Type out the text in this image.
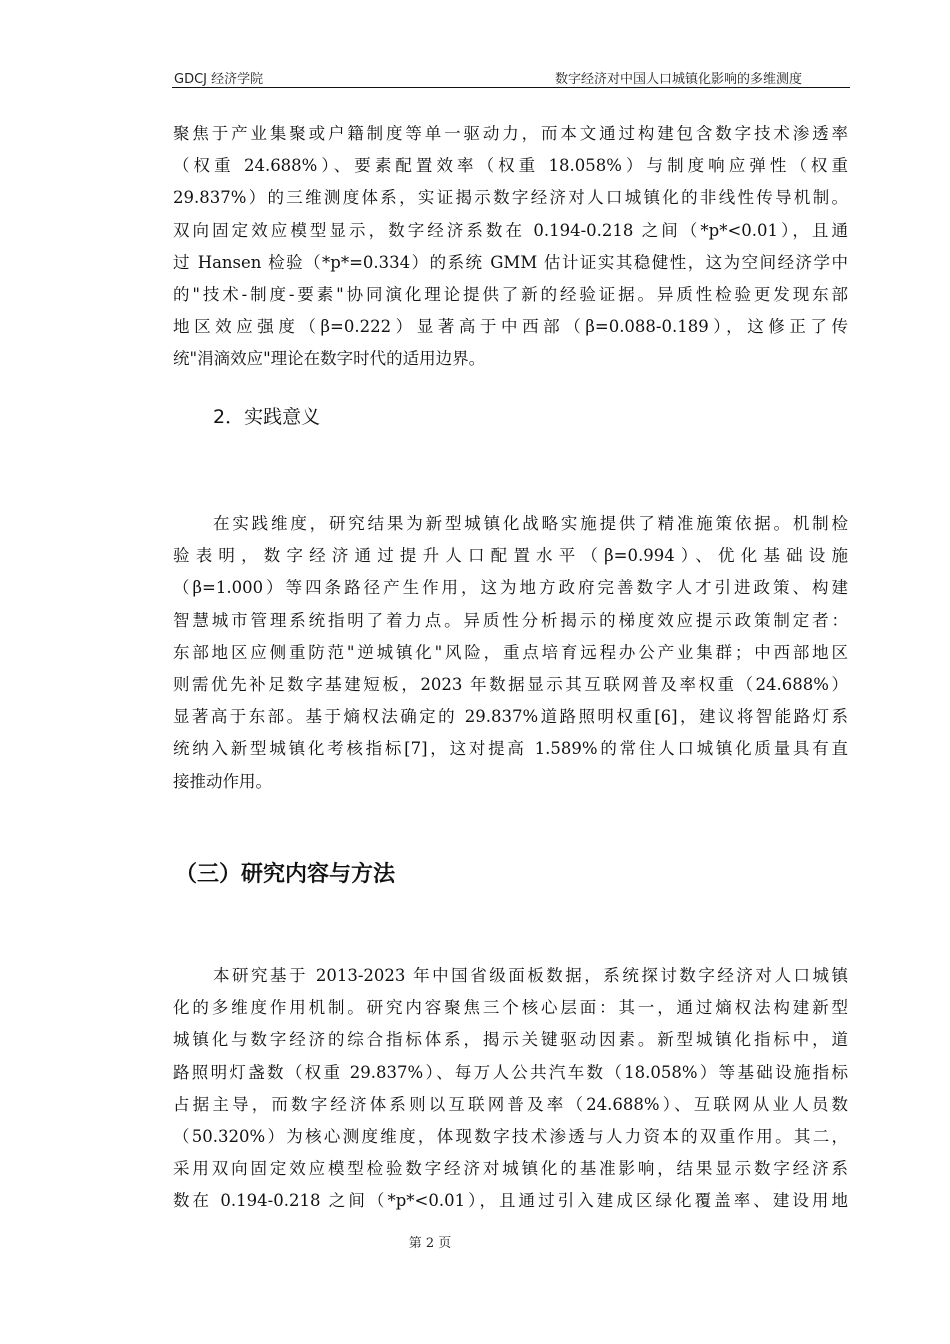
GDCJ 经济学院	数字经济对中国人口城镇化影响的多维测度
聚焦于产业集聚或户籍制度等单一驱动力，而本文通过构建包含数字技术渗透率
（权重 24.688%）、要素配置效率（权重 18.058%）与制度响应弹性（权重
29.837%）的三维测度体系，实证揭示数字经济对人口城镇化的非线性传导机制。
双向固定效应模型显示，数字经济系数在 0.194-0.218 之间（*p*<0.01），且通
过 Hansen 检验（*p*=0.334）的系统 GMM 估计证实其稳健性，这为空间经济学中
的"技术-制度-要素"协同演化理论提供了新的经验证据。异质性检验更发现东部
地区效应强度（β=0.222）显著高于中西部（β=0.088-0.189），这修正了传
统"涓滴效应"理论在数字时代的适用边界。
2．实践意义
在实践维度，研究结果为新型城镇化战略实施提供了精准施策依据。机制检
验表明，数字经济通过提升人口配置水平（β=0.994）、优化基础设施
（β=1.000）等四条路径产生作用，这为地方政府完善数字人才引进政策、构建
智慧城市管理系统指明了着力点。异质性分析揭示的梯度效应提示政策制定者：
东部地区应侧重防范"逆城镇化"风险，重点培育远程办公产业集群；中西部地区
则需优先补足数字基建短板，2023 年数据显示其互联网普及率权重（24.688%）
显著高于东部。基于熵权法确定的 29.837%道路照明权重[6]，建议将智能路灯系
统纳入新型城镇化考核指标[7]，这对提高 1.589%的常住人口城镇化质量具有直
接推动作用。
（三）研究内容与方法
本研究基于 2013-2023 年中国省级面板数据，系统探讨数字经济对人口城镇
化的多维度作用机制。研究内容聚焦三个核心层面：其一，通过熵权法构建新型
城镇化与数字经济的综合指标体系，揭示关键驱动因素。新型城镇化指标中，道
路照明灯盏数（权重 29.837%）、每万人公共汽车数（18.058%）等基础设施指标
占据主导，而数字经济体系则以互联网普及率（24.688%）、互联网从业人员数
（50.320%）为核心测度维度，体现数字技术渗透与人力资本的双重作用。其二，
采用双向固定效应模型检验数字经济对城镇化的基准影响，结果显示数字经济系
数在 0.194-0.218 之间（*p*<0.01），且通过引入建成区绿化覆盖率、建设用地
第 2 页
